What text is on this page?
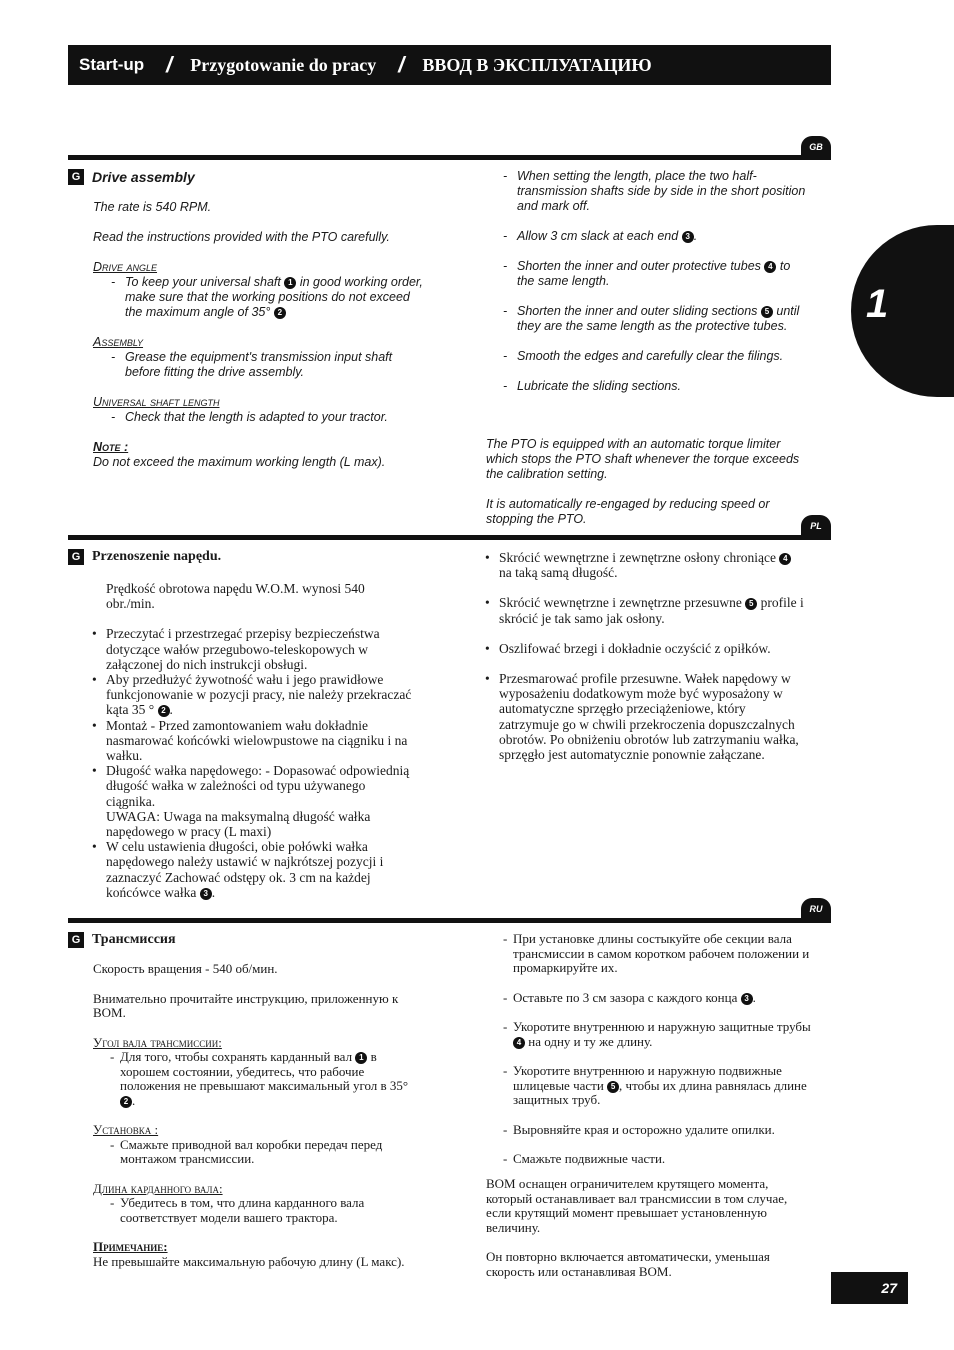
Start-up / Przygotowanie do pracy / ВВОД В ЭКСПЛУАТАЦИЮ
1
GB
G Drive assembly

The rate is 540 RPM.

Read the instructions provided with the PTO carefully.

Drive angle

- To keep your universal shaft 1 in good working order, make sure that the working positions do not exceed the maximum angle of 35° 2

Assembly

- Grease the equipment's transmission input shaft before fitting the drive assembly.

Universal shaft length

- Check that the length is adapted to your tractor.

Note :

Do not exceed the maximum working length (L max).

- When setting the length, place the two half-transmission shafts side by side in the short position and mark off.
- Allow 3 cm slack at each end 3 .
- Shorten the inner and outer protective tubes 4 to the same length.
- Shorten the inner and outer sliding sections 5 until they are the same length as the protective tubes.
- Smooth the edges and carefully clear the filings.
- Lubricate the sliding sections.

The PTO is equipped with an automatic torque limiter which stops the PTO shaft whenever the torque exceeds the calibration setting.

It is automatically re-engaged by reducing speed or stopping the PTO.	PL
G Przenoszenie napędu.

Prędkość obrotowa napędu W.O.M. wynosi 540 obr./min.

• Przeczytać i przestrzegać przepisy bezpieczeństwa dotyczące wałów przegubowo-teleskopowych w załączonej do nich instrukcji obsługi.
• Aby przedłużyć żywotność wału i jego prawidłowe funkcjonowanie w pozycji pracy, nie należy przekraczać kąta 35 ° 2 .
• Montaż - Przed zamontowaniem wału dokładnie nasmarować końcówki wielowpustowe na ciągniku i na wałku.
• Długość wałka napędowego: - Dopasować odpowiednią długość wałka w zależności od typu używanego ciągnika.
UWAGA: Uwaga na maksymalną długość wałka napędowego w pracy (L maxi)
• W celu ustawienia długości, obie połówki wałka napędowego należy ustawić w najkrótszej pozycji i zaznaczyć Zachować odstępy ok. 3 cm na każdej końcówce wałka 3 .
• Skrócić wewnętrzne i zewnętrzne osłony chroniące 4 na taką samą długość.
• Skrócić wewnętrzne i zewnętrzne przesuwne 5 profile i skrócić je tak samo jak osłony.
• Oszlifować brzegi i dokładnie oczyścić z opiłków.
• Przesmarować profile przesuwne. Wałek napędowy w wyposażeniu dodatkowym może być wyposażony w automatyczne sprzęgło przeciążeniowe, który zatrzymuje go w chwili przekroczenia dopuszczalnych obrotów. Po obniżeniu obrotów lub zatrzymaniu wałka, sprzęgło jest automatycznie ponownie załączane.
RU
G Трансмиссия

Скорость вращения - 540 об/мин.

Внимательно прочитайте инструкцию, приложенную к ВОМ.

Угол вала трансмиссии:

- Для того, чтобы сохранять карданный вал 1 в хорошем состоянии, убедитесь, что рабочие положения не превышают максимальный угол в 35° 2 .

Установка :

- Смажьте приводной вал коробки передач перед монтажом трансмиссии.

Длина карданного вала:

- Убедитесь в том, что длина карданного вала соответствует модели вашего трактора.

Примечание:

Не превышайте максимальную рабочую длину (L макс).

- При установке длины состыкуйте обе секции вала трансмиссии в самом коротком рабочем положении и промаркируйте их.
- Оставьте по 3 см зазора с каждого конца 3 .
- Укоротите внутреннюю и наружную защитные трубы 4 на одну и ту же длину.
- Укоротите внутреннюю и наружную подвижные шлицевые части 5 , чтобы их длина равнялась длине защитных труб.
- Выровняйте края и осторожно удалите опилки.
- Смажьте подвижные части.

ВОМ оснащен ограничителем крутящего момента, который останавливает вал трансмиссии в том случае, если крутящий момент превышает установленную величину.

Он повторно включается автоматически, уменьшая скорость или останавливая ВОМ.

27
